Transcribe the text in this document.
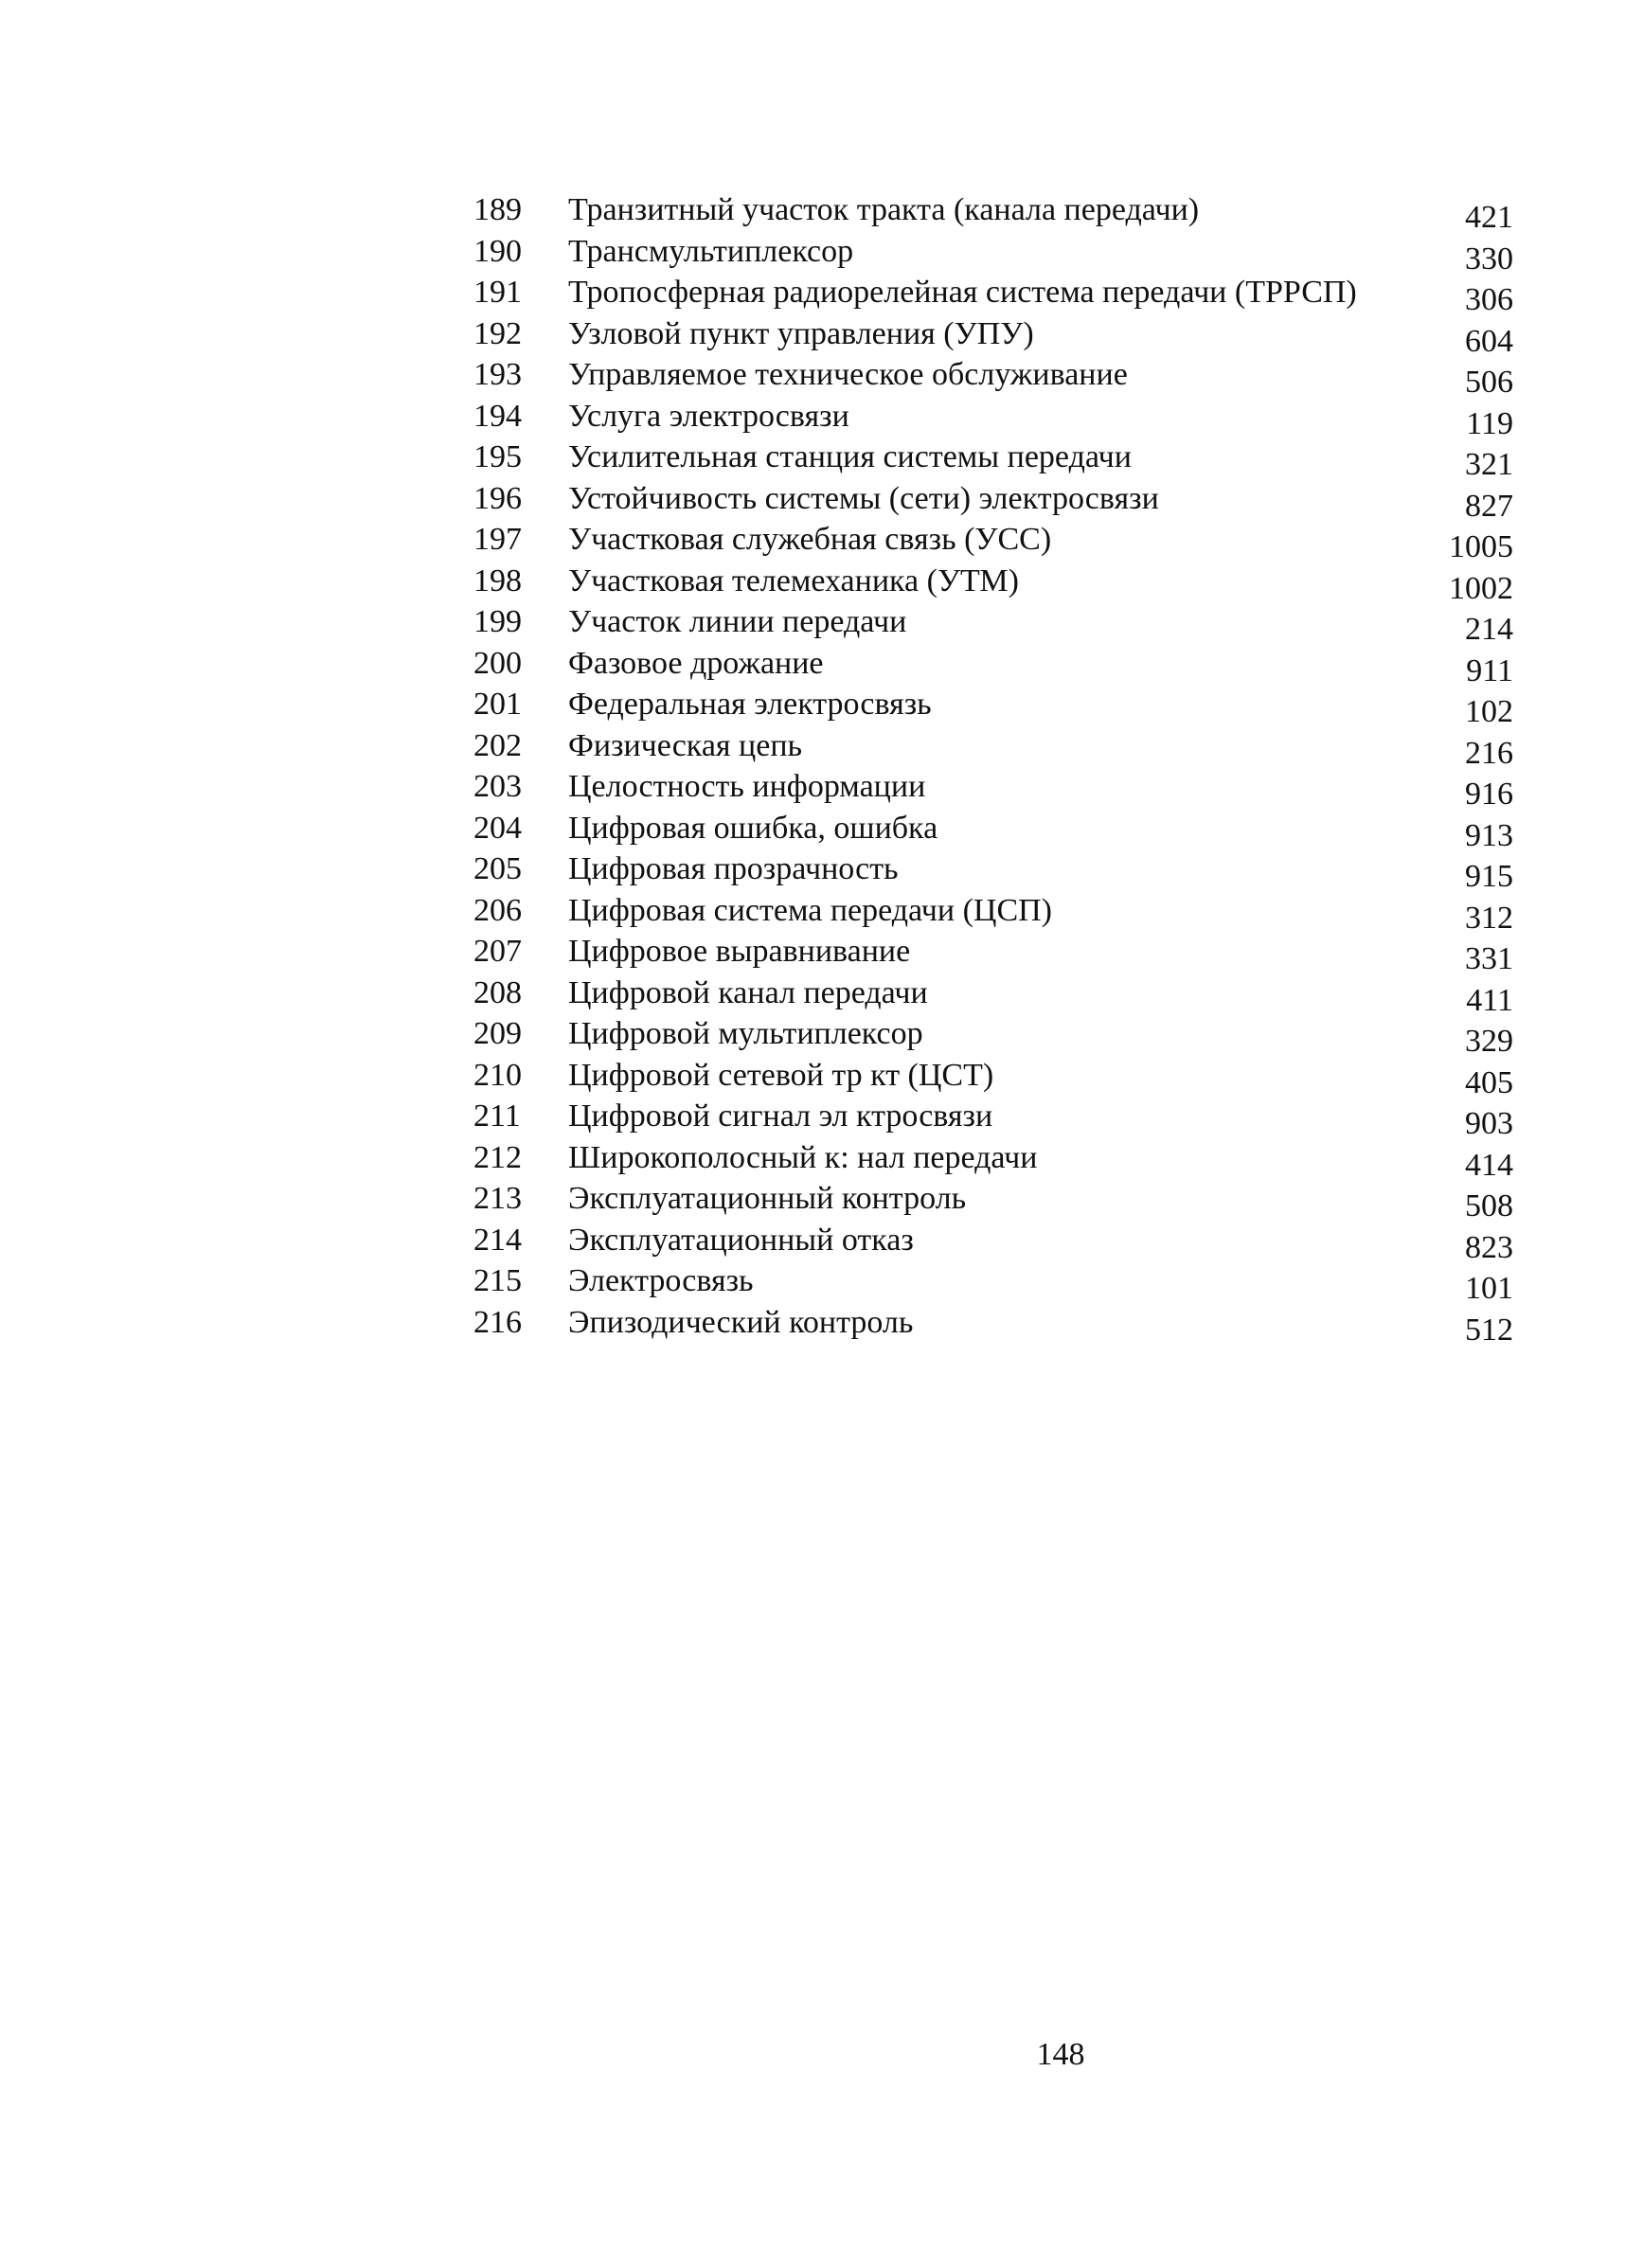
189	Транзитный участок тракта (канала передачи)	421
190	Трансмультиплексор	330
191	Тропосферная радиорелейная система передачи (ТРРСП)	306
192	Узловой пункт управления (УПУ)	604
193	Управляемое техническое обслуживание	506
194	Услуга электросвязи	119
195	Усилительная станция системы передачи	321
196	Устойчивость системы (сети) электросвязи	827
197	Участковая служебная связь (УСС)	1005
198	Участковая телемеханика (УТМ)	1002
199	Участок линии передачи	214
200	Фазовое дрожание	911
201	Федеральная электросвязь	102
202	Физическая цепь	216
203	Целостность информации	916
204	Цифровая ошибка, ошибка	913
205	Цифровая прозрачность	915
206	Цифровая система передачи (ЦСП)	312
207	Цифровое выравнивание	331
208	Цифровой канал передачи	411
209	Цифровой мультиплексор	329
210	Цифровой сетевой тр кт (ЦСТ)	405
211	Цифровой сигнал эл ктросвязи	903
212	Широкополосный к: нал передачи	414
213	Эксплуатационный контроль	508
214	Эксплуатационный отказ	823
215	Электросвязь	101
216	Эпизодический контроль	512
148
